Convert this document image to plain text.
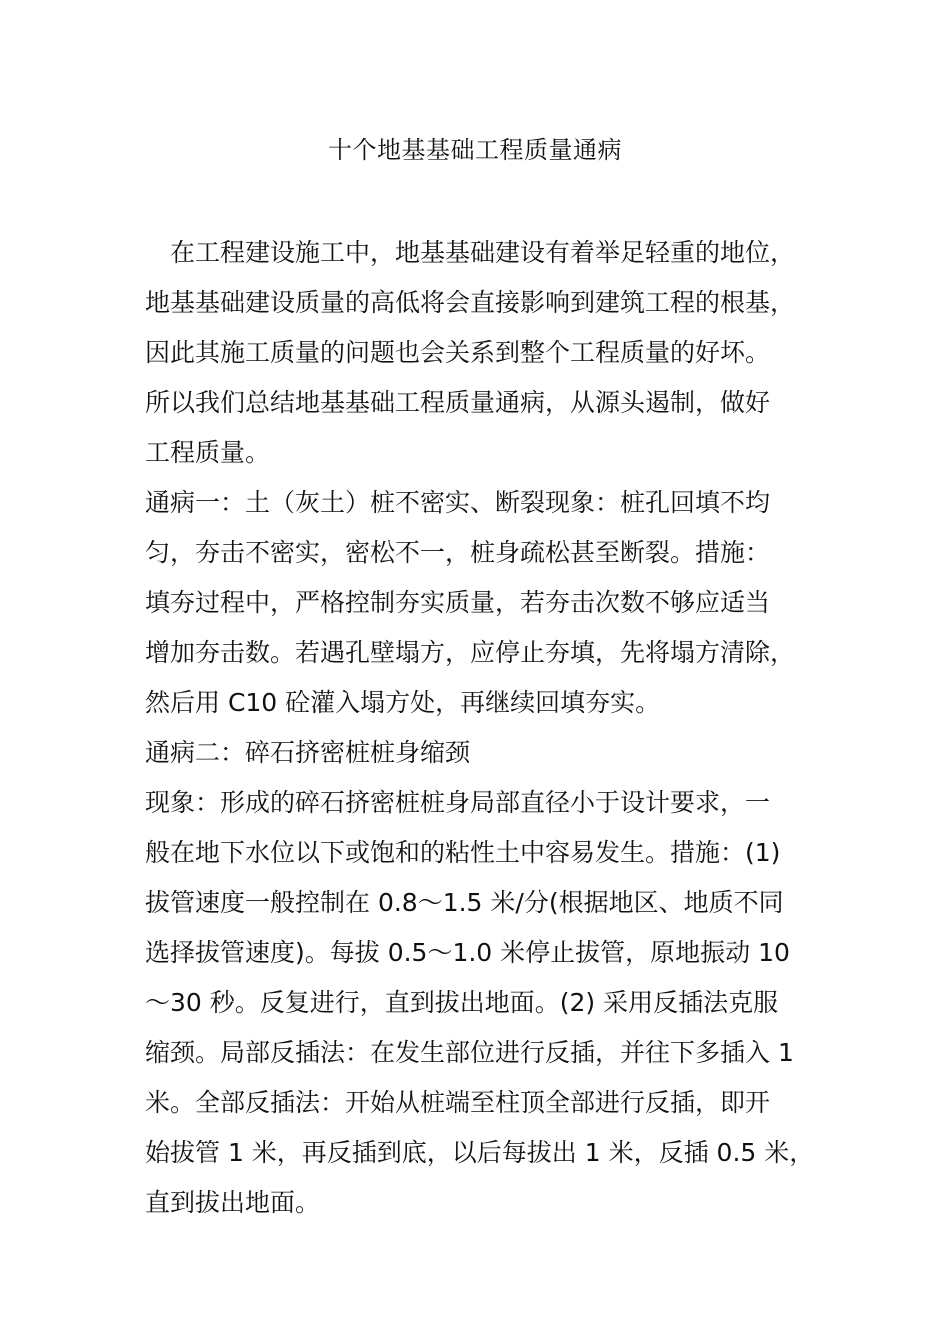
十个地基基础工程质量通病
　在工程建设施工中，地基基础建设有着举足轻重的地位，
地基基础建设质量的高低将会直接影响到建筑工程的根基，
因此其施工质量的问题也会关系到整个工程质量的好坏。
所以我们总结地基基础工程质量通病，从源头遏制，做好
工程质量。
通病一：土（灰土）桩不密实、断裂现象：桩孔回填不均
匀，夯击不密实，密松不一，桩身疏松甚至断裂。措施：
填夯过程中，严格控制夯实质量，若夯击次数不够应适当
增加夯击数。若遇孔壁塌方，应停止夯填，先将塌方清除，
然后用 C10 砼灌入塌方处，再继续回填夯实。
通病二：碎石挤密桩桩身缩颈
现象：形成的碎石挤密桩桩身局部直径小于设计要求，一
般在地下水位以下或饱和的粘性土中容易发生。措施：(1)
拔管速度一般控制在 0.8～1.5 米/分(根据地区、地质不同
选择拔管速度)。每拔 0.5～1.0 米停止拔管，原地振动 10
～30 秒。反复进行，直到拔出地面。(2) 采用反插法克服
缩颈。局部反插法：在发生部位进行反插，并往下多插入 1
米。全部反插法：开始从桩端至柱顶全部进行反插，即开
始拔管 1 米，再反插到底，以后每拔出 1 米，反插 0.5 米，
直到拔出地面。
